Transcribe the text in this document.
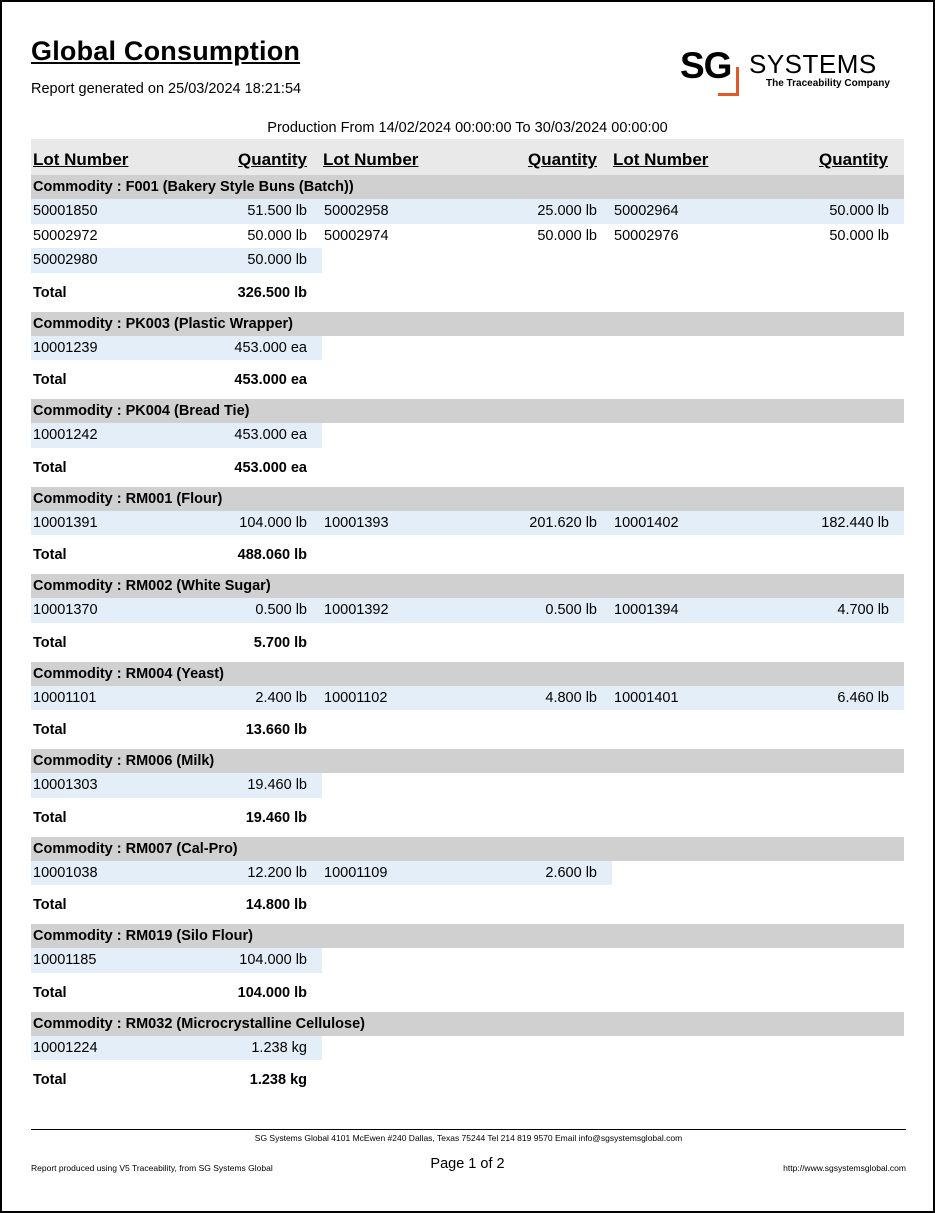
Global Consumption
Report generated on 25/03/2024 18:21:54
SG SYSTEMS
The Traceability Company
Production From 14/02/2024 00:00:00 To 30/03/2024 00:00:00
Lot Number	Quantity Lot Number	Quantity Lot Number	Quantity
Commodity : F001 (Bakery Style Buns (Batch))
50001850	51.500 lb 50002958	25.000 lb 50002964	50.000 lb
50002972	50.000 lb 50002974	50.000 lb 50002976	50.000 lb
50002980	50.000 lb
Total	326.500 lb
Commodity : PK003 (Plastic Wrapper)
10001239	453.000 ea
Total	453.000 ea
Commodity : PK004 (Bread Tie)
10001242	453.000 ea
Total	453.000 ea
Commodity : RM001 (Flour)
10001391	104.000 lb 10001393	201.620 lb 10001402	182.440 lb
Total	488.060 lb
Commodity : RM002 (White Sugar)
10001370	0.500 lb 10001392	0.500 lb 10001394	4.700 lb
Total	5.700 lb
Commodity : RM004 (Yeast)
10001101	2.400 lb 10001102	4.800 lb 10001401	6.460 lb
Total	13.660 lb
Commodity : RM006 (Milk)
10001303	19.460 lb
Total	19.460 lb
Commodity : RM007 (Cal-Pro)
10001038	12.200 lb 10001109	2.600 lb
Total	14.800 lb
Commodity : RM019 (Silo Flour)
10001185	104.000 lb
Total	104.000 lb
Commodity : RM032 (Microcrystalline Cellulose)
10001224	1.238 kg
Total	1.238 kg
SG Systems Global 4101 McEwen #240 Dallas, Texas 75244 Tel 214 819 9570 Email info@sgsystemsglobal.com
Report produced using V5 Traceability, from SG Systems Global	Page 1 of 2	http://www.sgsystemsglobal.com
